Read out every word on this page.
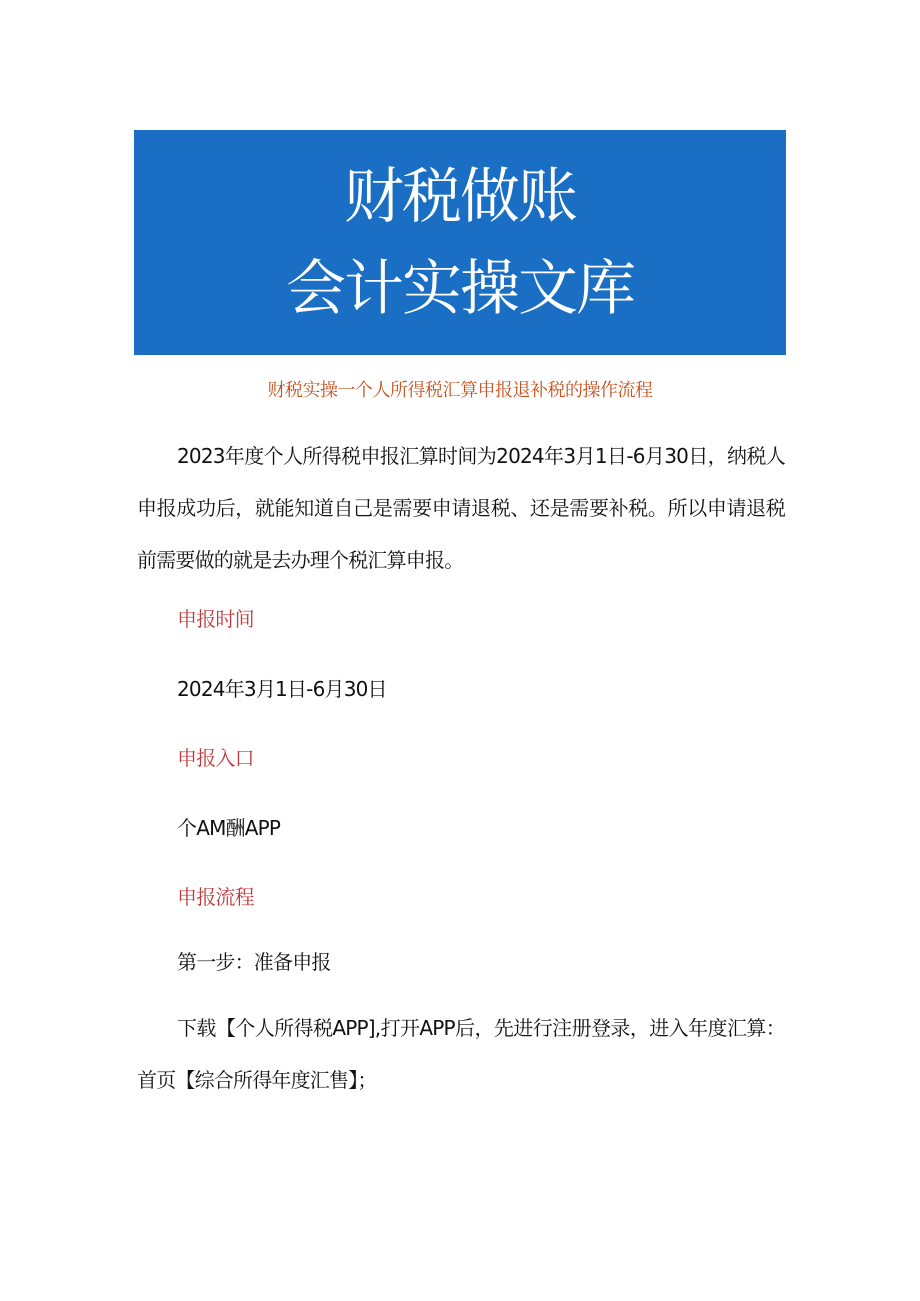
财税做账
会计实操文库
财税实操一个人所得税汇算申报退补税的操作流程

2023年度个人所得税申报汇算时间为2024年3月1日-6月30日，纳税人申报成功后，就能知道自己是需要申请退税、还是需要补税。所以申请退税前需要做的就是去办理个税汇算申报。

申报时间

2024年3月1日-6月30日

申报入口

个AM酬APP

申报流程

第一步：准备申报

下载【个人所得税APP],打开APP后，先进行注册登录，进入年度汇算：首页【综合所得年度汇售】；
